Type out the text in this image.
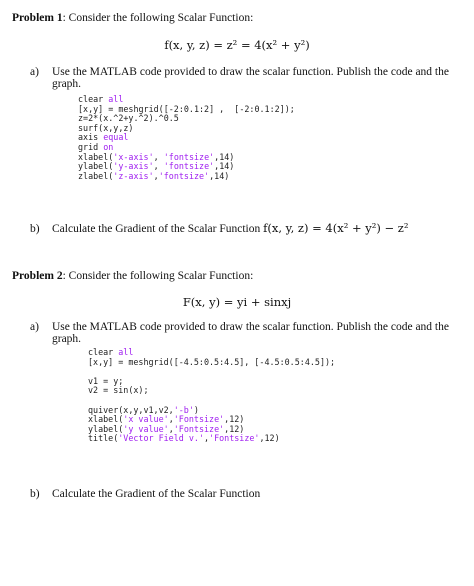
Problem 1: Consider the following Scalar Function:
f(x, y, z) = z² = 4(x² + y²)
a) Use the MATLAB code provided to draw the scalar function. Publish the code and the
graph.
clear all
[x,y] = meshgrid([-2:0.1:2] ,  [-2:0.1:2]);
z=2*(x.^2+y.^2).^0.5
surf(x,y,z)
axis equal
grid on
xlabel('x-axis', 'fontsize',14)
ylabel('y-axis', 'fontsize',14)
zlabel('z-axis','fontsize',14)
b) Calculate the Gradient of the Scalar Function f(x, y, z) = 4(x² + y²) − z²
Problem 2: Consider the following Scalar Function:
F(x, y) = yi + sinxj
a) Use the MATLAB code provided to draw the scalar function. Publish the code and the
graph.
clear all
[x,y] = meshgrid([-4.5:0.5:4.5], [-4.5:0.5:4.5]);
v1 = y;
v2 = sin(x);
quiver(x,y,v1,v2,'-b')
xlabel('x value','Fontsize',12)
ylabel('y value','Fontsize',12)
title('Vector Field v.','Fontsize',12)
b) Calculate the Gradient of the Scalar Function
